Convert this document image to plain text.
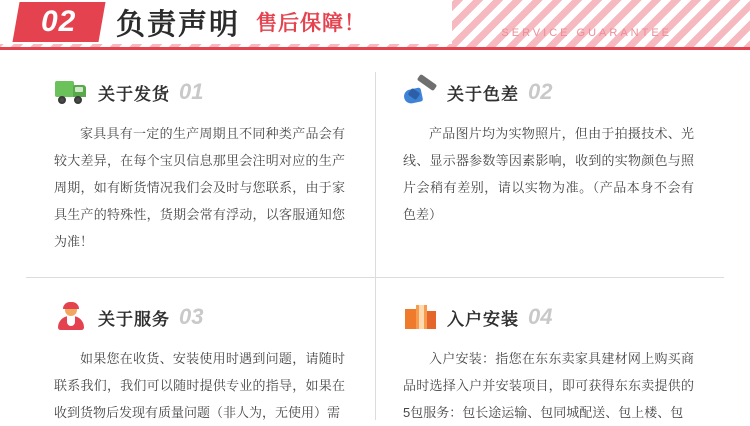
02 负责声明 售后保障！	SERVICE GUARANTEE
关于发货 01
家具具有一定的生产周期且不同种类产品会有较大差异，在每个宝贝信息那里会注明对应的生产周期，如有断货情况我们会及时与您联系，由于家具生产的特殊性，货期会常有浮动，以客服通知您为准！
关于色差 02
产品图片均为实物照片，但由于拍摄技术、光线、显示器参数等因素影响，收到的实物颜色与照片会稍有差别，请以实物为准。（产品本身不会有色差）
关于服务 03
如果您在收货、安装使用时遇到问题，请随时联系我们，我们可以随时提供专业的指导，如果在收到货物后发现有质量问题（非人为，无使用）需
入户安装 04
入户安装：指您在东东卖家具建材网上购买商品时选择入户并安装项目，即可获得东东卖提供的5包服务：包长途运输、包同城配送、包上楼、包
